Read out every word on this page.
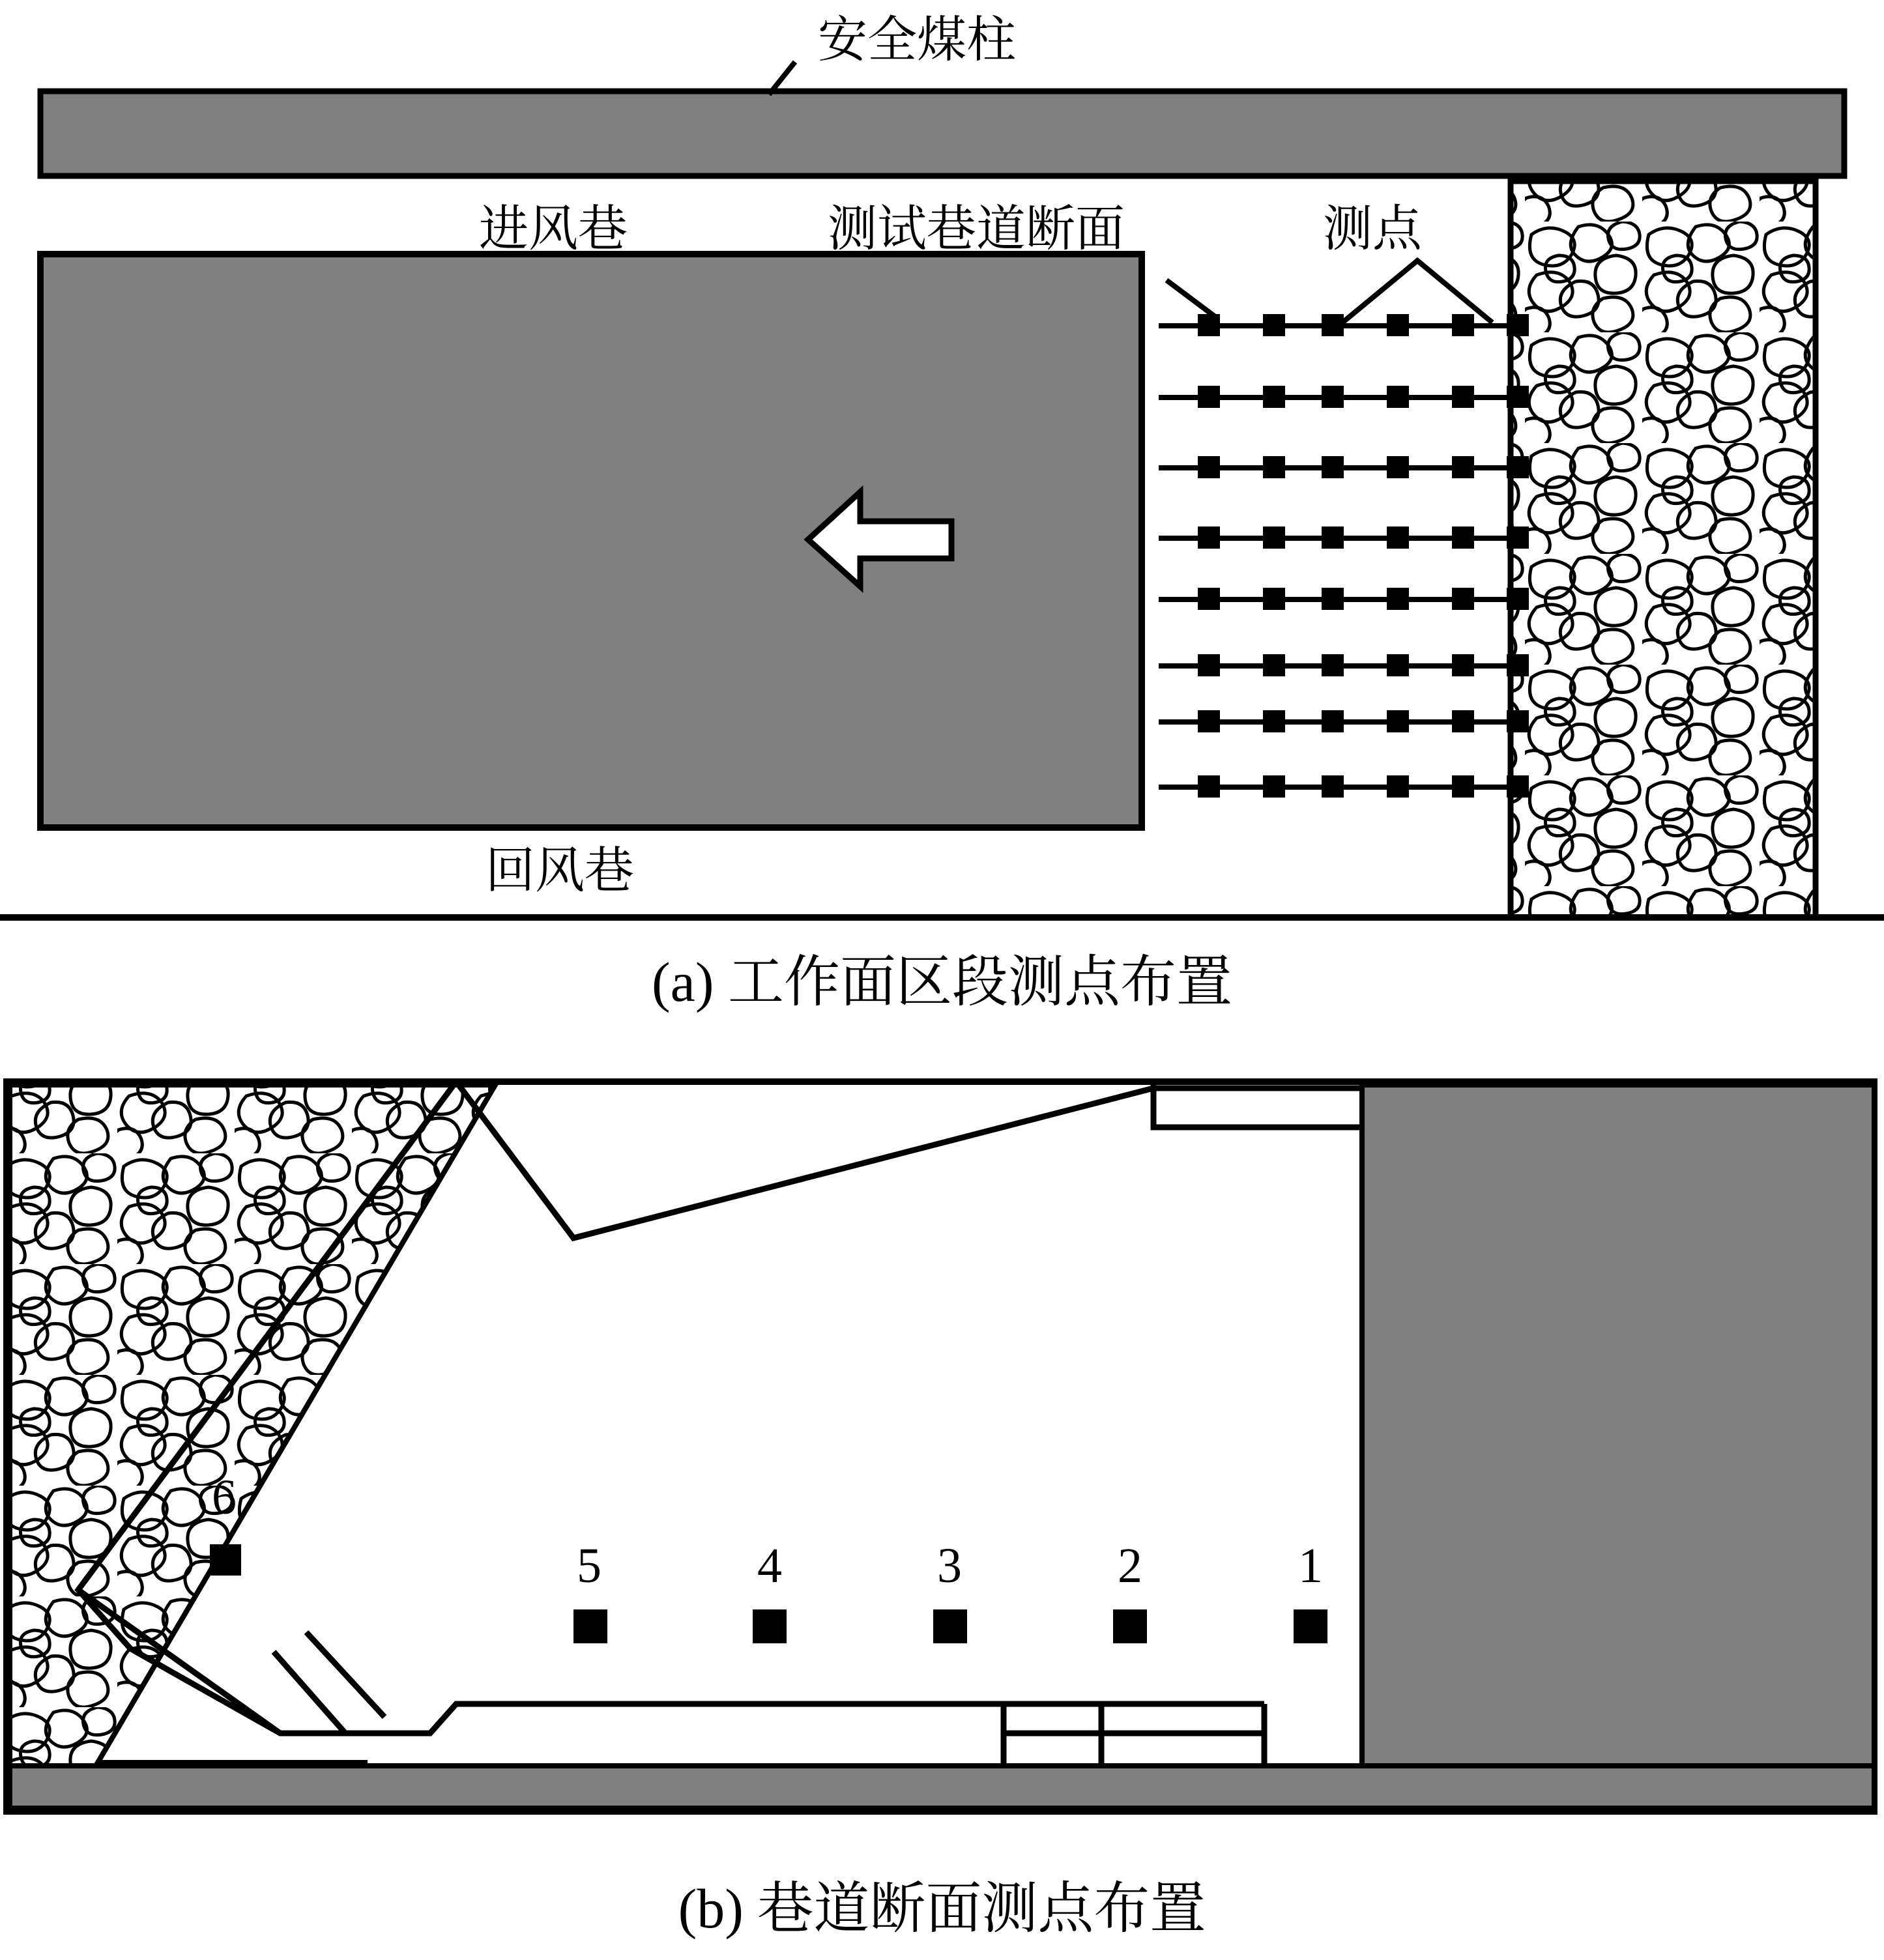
安全煤柱
进风巷	测试巷道断面	测点
回风巷
(a) 工作面区段测点布置
6
5	4	3	2	1
(b) 巷道断面测点布置
